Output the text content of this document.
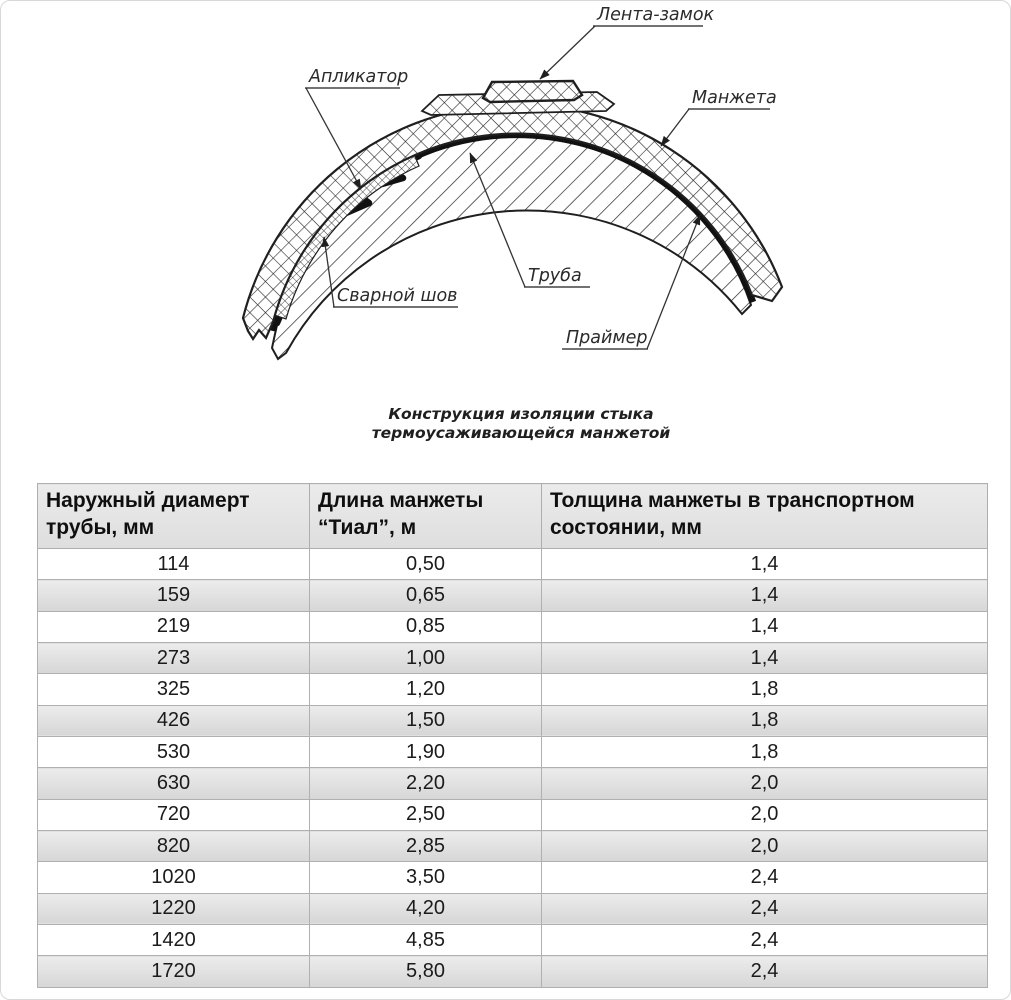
Лента-замок
Апликатор
Манжета
Труба
Сварной шов
Праймер
Конструкция изоляции стыка
термоусаживающейся манжетой
Наружный диамерт трубы, мм	Длина манжеты “Тиал”, м	Толщина манжеты в транспортном состоянии, мм
114	0,50	1,4
159	0,65	1,4
219	0,85	1,4
273	1,00	1,4
325	1,20	1,8
426	1,50	1,8
530	1,90	1,8
630	2,20	2,0
720	2,50	2,0
820	2,85	2,0
1020	3,50	2,4
1220	4,20	2,4
1420	4,85	2,4
1720	5,80	2,4
